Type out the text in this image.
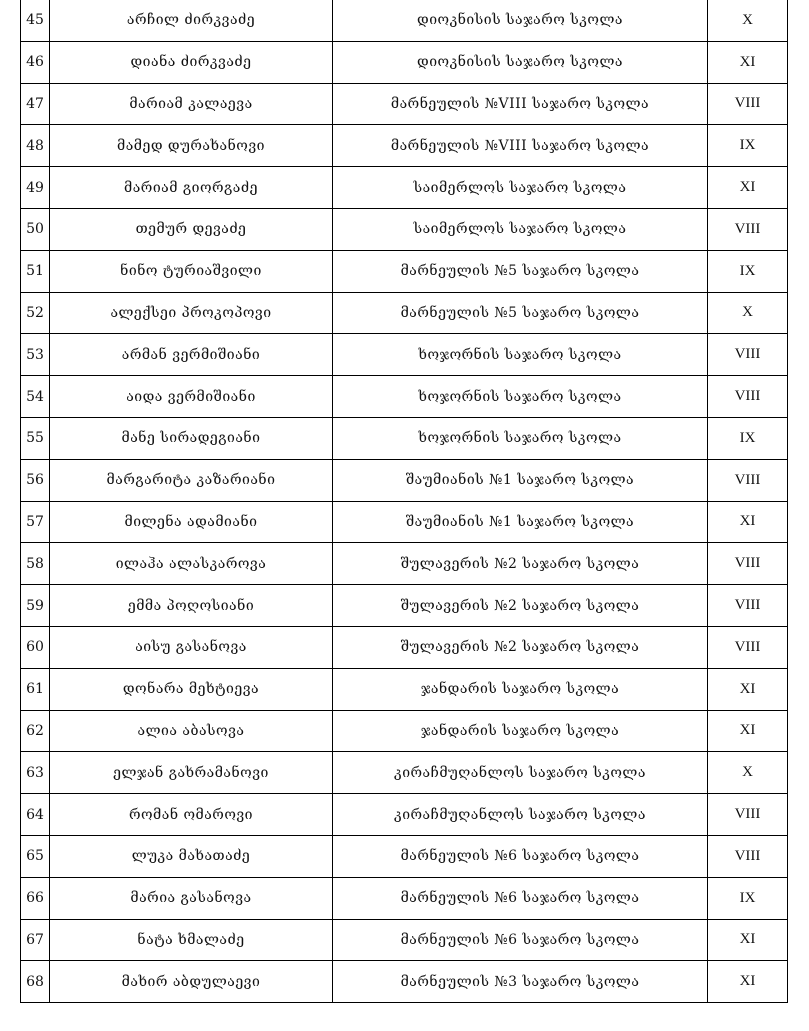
45	არჩილ ძირკვაძე	დიოკნისის საჯარო სკოლა	X
46	დიანა ძირკვაძე	დიოკნისის საჯარო სკოლა	XI
47	მარიამ კალაევა	მარნეულის №VIII საჯარო სკოლა	VIII
48	მამედ დურახანოვი	მარნეულის №VIII საჯარო სკოლა	IX
49	მარიამ გიორგაძე	საიმერლოს საჯარო სკოლა	XI
50	თემურ დევაძე	საიმერლოს საჯარო სკოლა	VIII
51	ნინო ტურიაშვილი	მარნეულის №5 საჯარო სკოლა	IX
52	ალექსეი პროკოპოვი	მარნეულის №5 საჯარო სკოლა	X
53	არმან ვერმიშიანი	ხოჯორნის საჯარო სკოლა	VIII
54	აიდა ვერმიშიანი	ხოჯორნის საჯარო სკოლა	VIII
55	მანე სირადეგიანი	ხოჯორნის საჯარო სკოლა	IX
56	მარგარიტა კაზარიანი	შაუმიანის №1 საჯარო სკოლა	VIII
57	მილენა ადამიანი	შაუმიანის №1 საჯარო სკოლა	XI
58	ილაჰა ალასკაროვა	შულავერის №2 საჯარო სკოლა	VIII
59	ემმა პოღოსიანი	შულავერის №2 საჯარო სკოლა	VIII
60	აისუ გასანოვა	შულავერის №2 საჯარო სკოლა	VIII
61	დონარა მეხტიევა	ჯანდარის საჯარო სკოლა	XI
62	ალია აბასოვა	ჯანდარის საჯარო სკოლა	XI
63	ელჯან გახრამანოვი	კირაჩმუღანლოს საჯარო სკოლა	X
64	რომან ომაროვი	კირაჩმუღანლოს საჯარო სკოლა	VIII
65	ლუკა მახათაძე	მარნეულის №6 საჯარო სკოლა	VIII
66	მარია გასანოვა	მარნეულის №6 საჯარო სკოლა	IX
67	ნატა ხმალაძე	მარნეულის №6 საჯარო სკოლა	XI
68	მახირ აბდულაევი	მარნეულის №3 საჯარო სკოლა	XI
